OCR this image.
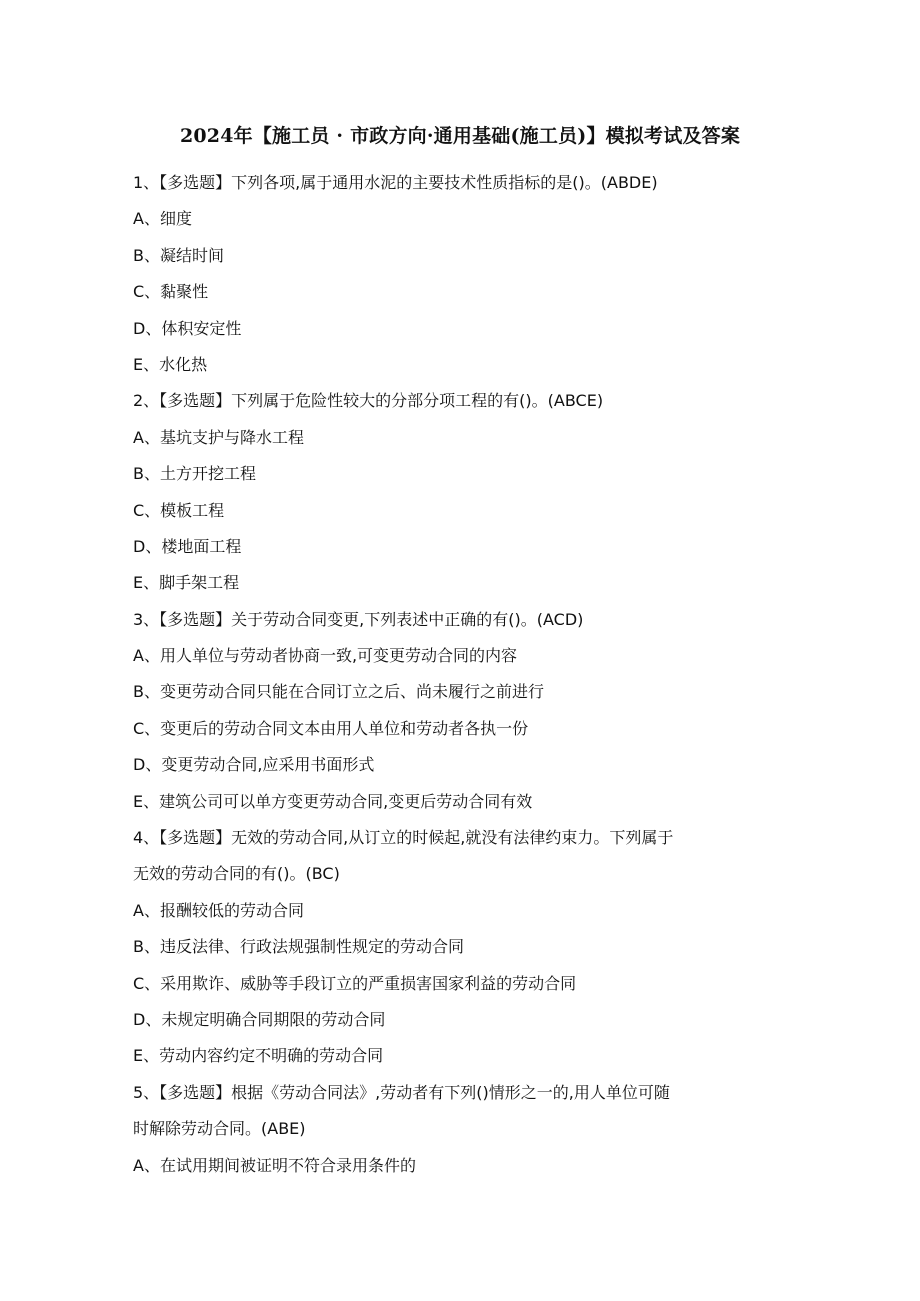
2024年【施工员 · 市政方向·通用基础(施工员)】模拟考试及答案
1、【多选题】下列各项,属于通用水泥的主要技术性质指标的是()。(ABDE)
A、细度
B、凝结时间
C、黏聚性
D、体积安定性
E、水化热
2、【多选题】下列属于危险性较大的分部分项工程的有()。(ABCE)
A、基坑支护与降水工程
B、土方开挖工程
C、模板工程
D、楼地面工程
E、脚手架工程
3、【多选题】关于劳动合同变更,下列表述中正确的有()。(ACD)
A、用人单位与劳动者协商一致,可变更劳动合同的内容
B、变更劳动合同只能在合同订立之后、尚未履行之前进行
C、变更后的劳动合同文本由用人单位和劳动者各执一份
D、变更劳动合同,应采用书面形式
E、建筑公司可以单方变更劳动合同,变更后劳动合同有效
4、【多选题】无效的劳动合同,从订立的时候起,就没有法律约束力。下列属于
无效的劳动合同的有()。(BC)
A、报酬较低的劳动合同
B、违反法律、行政法规强制性规定的劳动合同
C、采用欺诈、威胁等手段订立的严重损害国家利益的劳动合同
D、未规定明确合同期限的劳动合同
E、劳动内容约定不明确的劳动合同
5、【多选题】根据《劳动合同法》,劳动者有下列()情形之一的,用人单位可随
时解除劳动合同。(ABE)
A、在试用期间被证明不符合录用条件的
